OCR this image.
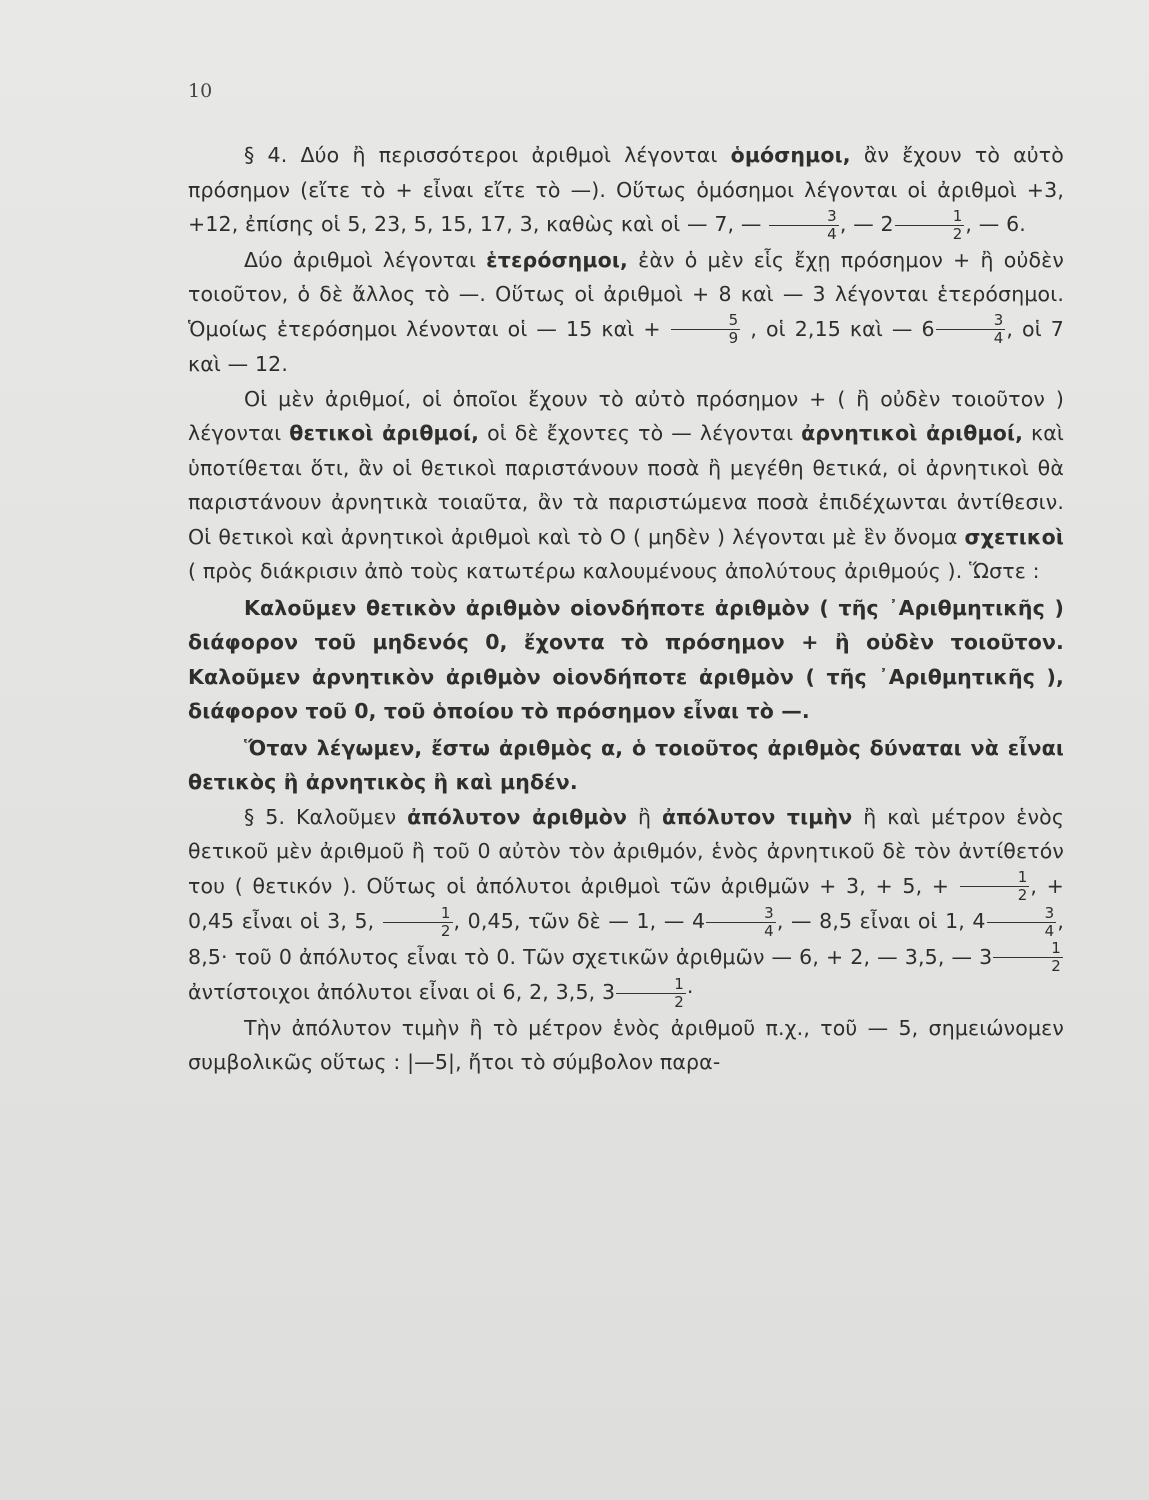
10

§ 4. Δύο ἢ περισσότεροι ἀριθμοὶ λέγονται ὁμόσημοι, ἂν ἔχουν τὸ αὐτὸ πρόσημον (εἴτε τὸ + εἶναι εἴτε τὸ —). Οὕτως ὁμόσημοι λέγονται οἱ ἀριθμοὶ +3, +12, ἐπίσης οἱ 5, 23, 5, 15, 17, 3, καθὼς καὶ οἱ — 7, — $\frac{3}{4}$ , — $2 \frac{1}{2}$ , — 6.

Δύο ἀριθμοὶ λέγονται ἑτερόσημοι, ἐὰν ὁ μὲν εἷς ἔχῃ πρόσημον + ἢ οὐδὲν τοιοῦτον, ὁ δὲ ἄλλος τὸ —. Οὕτως οἱ ἀριθμοὶ + 8 καὶ — 3 λέγονται ἑτερόσημοι. Ὁμοίως ἑτερόσημοι λένονται οἱ — 15 καὶ + $\frac{5}{9}$ , οἱ 2,15 καὶ — $6 \frac{3}{4}$ , οἱ 7 καὶ — 12.

Οἱ μὲν ἀριθμοί, οἱ ὁποῖοι ἔχουν τὸ αὐτὸ πρόσημον + ( ἢ οὐδὲν τοιοῦτον ) λέγονται θετικοὶ ἀριθμοί, οἱ δὲ ἔχοντες τὸ — λέγονται ἀρνητικοὶ ἀριθμοί, καὶ ὑποτίθεται ὅτι, ἂν οἱ θετικοὶ παριστάνουν ποσὰ ἢ μεγέθη θετικά, οἱ ἀρνητικοὶ θὰ παριστάνουν ἀρνητικὰ τοιαῦτα, ἂν τὰ παριστώμενα ποσὰ ἐπιδέχωνται ἀντίθεσιν. Οἱ θετικοὶ καὶ ἀρνητικοὶ ἀριθμοὶ καὶ τὸ Ο ( μηδὲν ) λέγονται μὲ ἓν ὄνομα σχετικοὶ ( πρὸς διάκρισιν ἀπὸ τοὺς κατωτέρω καλουμένους ἀπολύτους ἀριθμούς ). Ὥστε :

Καλοῦμεν θετικὸν ἀριθμὸν οἱονδήποτε ἀριθμὸν ( τῆς ᾿Αριθμητικῆς ) διάφορον τοῦ μηδενός 0, ἔχοντα τὸ πρόσημον + ἢ οὐδὲν τοιοῦτον. Καλοῦμεν ἀρνητικὸν ἀριθμὸν οἱονδήποτε ἀριθμὸν ( τῆς ᾿Αριθμητικῆς ), διάφορον τοῦ 0, τοῦ ὁποίου τὸ πρόσημον εἶναι τὸ —.

Ὅταν λέγωμεν, ἔστω ἀριθμὸς α, ὁ τοιοῦτος ἀριθμὸς δύναται νὰ εἶναι θετικὸς ἢ ἀρνητικὸς ἢ καὶ μηδέν.

§ 5. Καλοῦμεν ἀπόλυτον ἀριθμὸν ἢ ἀπόλυτον τιμὴν ἢ καὶ μέτρον ἑνὸς θετικοῦ μὲν ἀριθμοῦ ἢ τοῦ 0 αὐτὸν τὸν ἀριθμόν, ἑνὸς ἀρνητικοῦ δὲ τὸν ἀντίθετόν του ( θετικόν ). Οὕτως οἱ ἀπόλυτοι ἀριθμοὶ τῶν ἀριθμῶν + 3, + 5, + $\frac{1}{2}$ , + 0,45 εἶναι οἱ 3, 5, $\frac{1}{2}$ , 0,45, τῶν δὲ — 1, — $4 \frac{3}{4}$ , — 8,5 εἶναι οἱ 1, $4 \frac{3}{4}$ , 8,5· τοῦ 0 ἀπόλυτος εἶναι τὸ 0. Τῶν σχετικῶν ἀριθμῶν — 6, + 2, — 3,5, — $3 \frac{1}{2}$
ἀντίστοιχοι ἀπόλυτοι εἶναι οἱ 6, 2, 3,5, $3 \frac{1}{2}$ ·

Τὴν ἀπόλυτον τιμὴν ἢ τὸ μέτρον ἑνὸς ἀριθμοῦ π.χ., τοῦ — 5, σημειώνομεν συμβολικῶς οὕτως : |—5|, ἤτοι τὸ σύμβολον παρα-
